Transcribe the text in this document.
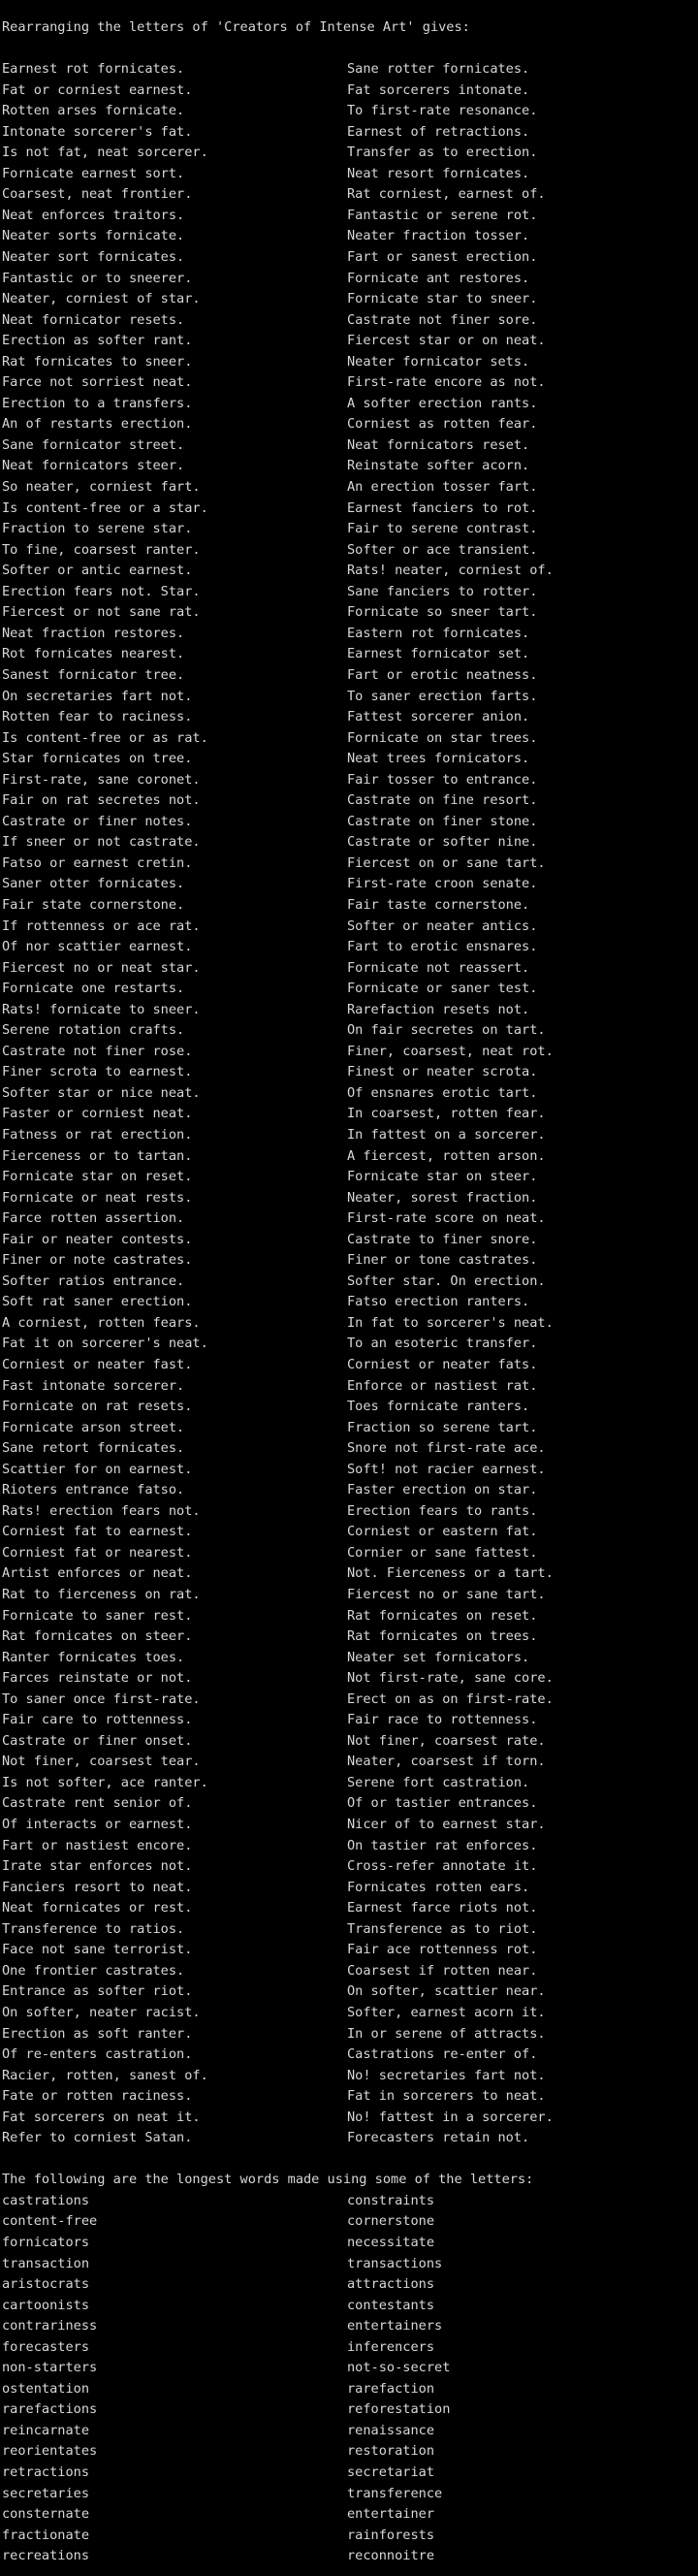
Rearranging the letters of 'Creators of Intense Art' gives:
Earnest rot fornicates.	Sane rotter fornicates.
Fat or corniest earnest.	Fat sorcerers intonate.
Rotten arses fornicate.	To first-rate resonance.
Intonate sorcerer's fat.	Earnest of retractions.
Is not fat, neat sorcerer.	Transfer as to erection.
Fornicate earnest sort.	Neat resort fornicates.
Coarsest, neat frontier.	Rat corniest, earnest of.
Neat enforces traitors.	Fantastic or serene rot.
Neater sorts fornicate.	Neater fraction tosser.
Neater sort fornicates.	Fart or sanest erection.
Fantastic or to sneerer.	Fornicate ant restores.
Neater, corniest of star.	Fornicate star to sneer.
Neat fornicator resets.	Castrate not finer sore.
Erection as softer rant.	Fiercest star or on neat.
Rat fornicates to sneer.	Neater fornicator sets.
Farce not sorriest neat.	First-rate encore as not.
Erection to a transfers.	A softer erection rants.
An of restarts erection.	Corniest as rotten fear.
Sane fornicator street.	Neat fornicators reset.
Neat fornicators steer.	Reinstate softer acorn.
So neater, corniest fart.	An erection tosser fart.
Is content-free or a star.	Earnest fanciers to rot.
Fraction to serene star.	Fair to serene contrast.
To fine, coarsest ranter.	Softer or ace transient.
Softer or antic earnest.	Rats! neater, corniest of.
Erection fears not. Star.	Sane fanciers to rotter.
Fiercest or not sane rat.	Fornicate so sneer tart.
Neat fraction restores.	Eastern rot fornicates.
Rot fornicates nearest.	Earnest fornicator set.
Sanest fornicator tree.	Fart or erotic neatness.
On secretaries fart not.	To saner erection farts.
Rotten fear to raciness.	Fattest sorcerer anion.
Is content-free or as rat.	Fornicate on star trees.
Star fornicates on tree.	Neat trees fornicators.
First-rate, sane coronet.	Fair tosser to entrance.
Fair on rat secretes not.	Castrate on fine resort.
Castrate or finer notes.	Castrate on finer stone.
If sneer or not castrate.	Castrate or softer nine.
Fatso or earnest cretin.	Fiercest on or sane tart.
Saner otter fornicates.	First-rate croon senate.
Fair state cornerstone.	Fair taste cornerstone.
If rottenness or ace rat.	Softer or neater antics.
Of nor scattier earnest.	Fart to erotic ensnares.
Fiercest no or neat star.	Fornicate not reassert.
Fornicate one restarts.	Fornicate or saner test.
Rats! fornicate to sneer.	Rarefaction resets not.
Serene rotation crafts.	On fair secretes on tart.
Castrate not finer rose.	Finer, coarsest, neat rot.
Finer scrota to earnest.	Finest or neater scrota.
Softer star or nice neat.	Of ensnares erotic tart.
Faster or corniest neat.	In coarsest, rotten fear.
Fatness or rat erection.	In fattest on a sorcerer.
Fierceness or to tartan.	A fiercest, rotten arson.
Fornicate star on reset.	Fornicate star on steer.
Fornicate or neat rests.	Neater, sorest fraction.
Farce rotten assertion.	First-rate score on neat.
Fair or neater contests.	Castrate to finer snore.
Finer or note castrates.	Finer or tone castrates.
Softer ratios entrance.	Softer star. On erection.
Soft rat saner erection.	Fatso erection ranters.
A corniest, rotten fears.	In fat to sorcerer's neat.
Fat it on sorcerer's neat.	To an esoteric transfer.
Corniest or neater fast.	Corniest or neater fats.
Fast intonate sorcerer.	Enforce or nastiest rat.
Fornicate on rat resets.	Toes fornicate ranters.
Fornicate arson street.	Fraction so serene tart.
Sane retort fornicates.	Snore not first-rate ace.
Scattier for on earnest.	Soft! not racier earnest.
Rioters entrance fatso.	Faster erection on star.
Rats! erection fears not.	Erection fears to rants.
Corniest fat to earnest.	Corniest or eastern fat.
Corniest fat or nearest.	Cornier or sane fattest.
Artist enforces or neat.	Not. Fierceness or a tart.
Rat to fierceness on rat.	Fiercest no or sane tart.
Fornicate to saner rest.	Rat fornicates on reset.
Rat fornicates on steer.	Rat fornicates on trees.
Ranter fornicates toes.	Neater set fornicators.
Farces reinstate or not.	Not first-rate, sane core.
To saner once first-rate.	Erect on as on first-rate.
Fair care to rottenness.	Fair race to rottenness.
Castrate or finer onset.	Not finer, coarsest rate.
Not finer, coarsest tear.	Neater, coarsest if torn.
Is not softer, ace ranter.	Serene fort castration.
Castrate rent senior of.	Of or tastier entrances.
Of interacts or earnest.	Nicer of to earnest star.
Fart or nastiest encore.	On tastier rat enforces.
Irate star enforces not.	Cross-refer annotate it.
Fanciers resort to neat.	Fornicates rotten ears.
Neat fornicates or rest.	Earnest farce riots not.
Transference to ratios.	Transference as to riot.
Face not sane terrorist.	Fair ace rottenness rot.
One frontier castrates.	Coarsest if rotten near.
Entrance as softer riot.	On softer, scattier near.
On softer, neater racist.	Softer, earnest acorn it.
Erection as soft ranter.	In or serene of attracts.
Of re-enters castration.	Castrations re-enter of.
Racier, rotten, sanest of.	No! secretaries fart not.
Fate or rotten raciness.	Fat in sorcerers to neat.
Fat sorcerers on neat it.	No! fattest in a sorcerer.
Refer to corniest Satan.	Forecasters retain not.
The following are the longest words made using some of the letters:
castrations	constraints
content-free	cornerstone
fornicators	necessitate
transaction	transactions
aristocrats	attractions
cartoonists	contestants
contrariness	entertainers
forecasters	inferencers
non-starters	not-so-secret
ostentation	rarefaction
rarefactions	reforestation
reincarnate	renaissance
reorientates	restoration
retractions	secretariat
secretaries	transference
consternate	entertainer
fractionate	rainforests
recreations	reconnoitre
